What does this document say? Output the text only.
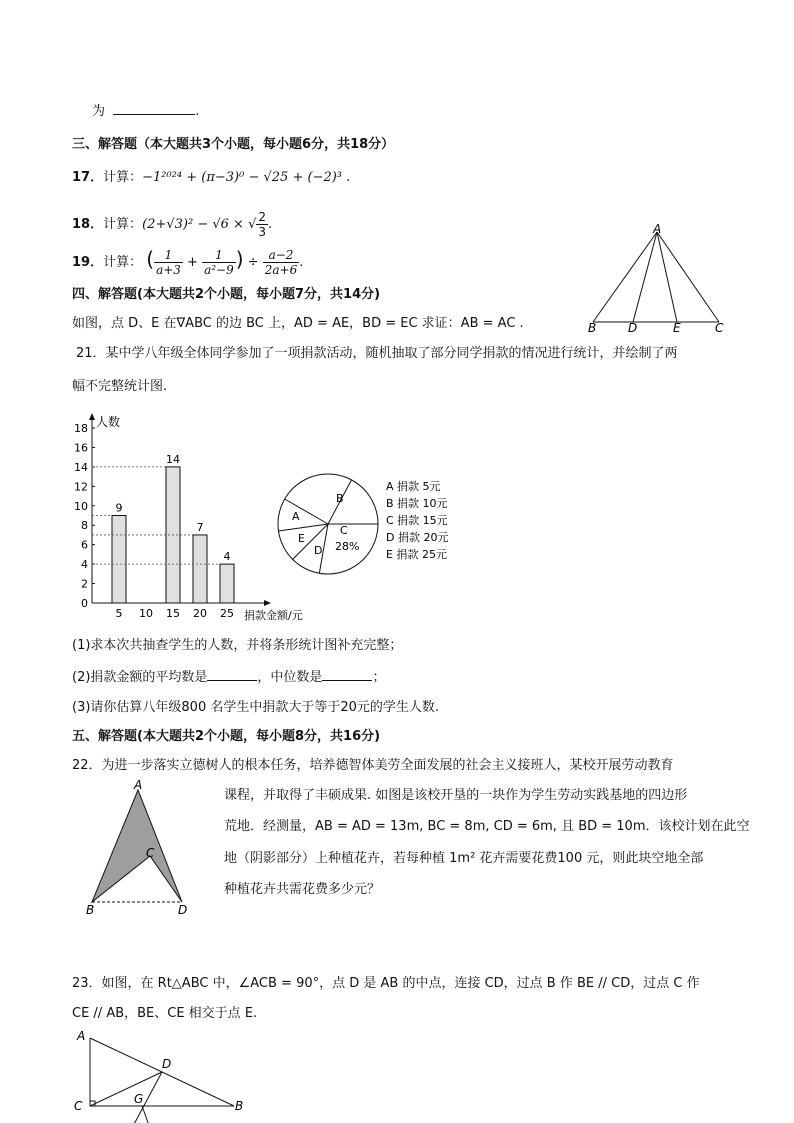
为	.
三、解答题（本大题共3个小题，每小题6分，共18分）
17．计算：−1²⁰²⁴ + (π−3)⁰ − √25 + (−2)³ .
18．计算：(2+√3)² − √6 × √ $\frac{2}{3}$ .
19．计算： ( $\frac{1}{a+3} + \frac{1}{\text{a²−9}}$ ) ÷ $\frac{a-2}{2a+6}$ .
四、解答题(本大题共2个小题，每小题7分，共14分)
如图，点 D、E 在∇ABC 的边 BC 上，AD = AE，BD = EC 求证：AB = AC .
A
B	D	E	C
21．某中学八年级全体同学参加了一项捐款活动，随机抽取了部分同学捐款的情况进行统计，并绘制了两
幅不完整统计图.
人数
捐款金额/元
0
2
4
6
8
10
12
14
16
18
5 10 15 20 25
9
14
7
4
A
B
C
D
E
28%
A 捐款 5元
B 捐款 10元
C 捐款 15元
D 捐款 20元
E 捐款 25元
(1)求本次共抽查学生的人数，并将条形统计图补充完整；
(2)捐款金额的平均数是	，中位数是	；
(3)请你估算八年级800 名学生中捐款大于等于20元的学生人数.
五、解答题(本大题共2个小题，每小题8分，共16分)
22．为进一步落实立德树人的根本任务，培养德智体美劳全面发展的社会主义接班人，某校开展劳动教育
课程，并取得了丰硕成果. 如图是该校开垦的一块作为学生劳动实践基地的四边形
荒地．经测量，AB = AD = 13m, BC = 8m, CD = 6m, 且 BD = 10m．该校计划在此空
地（阴影部分）上种植花卉，若每种植 1m² 花卉需要花费100 元，则此块空地全部
种植花卉共需花费多少元？
A
C
B	D
23．如图，在 Rt△ABC 中，∠ACB = 90°，点 D 是 AB 的中点，连接 CD，过点 B 作 BE // CD，过点 C 作
CE // AB，BE、CE 相交于点 E.
A
D
G
C	B
